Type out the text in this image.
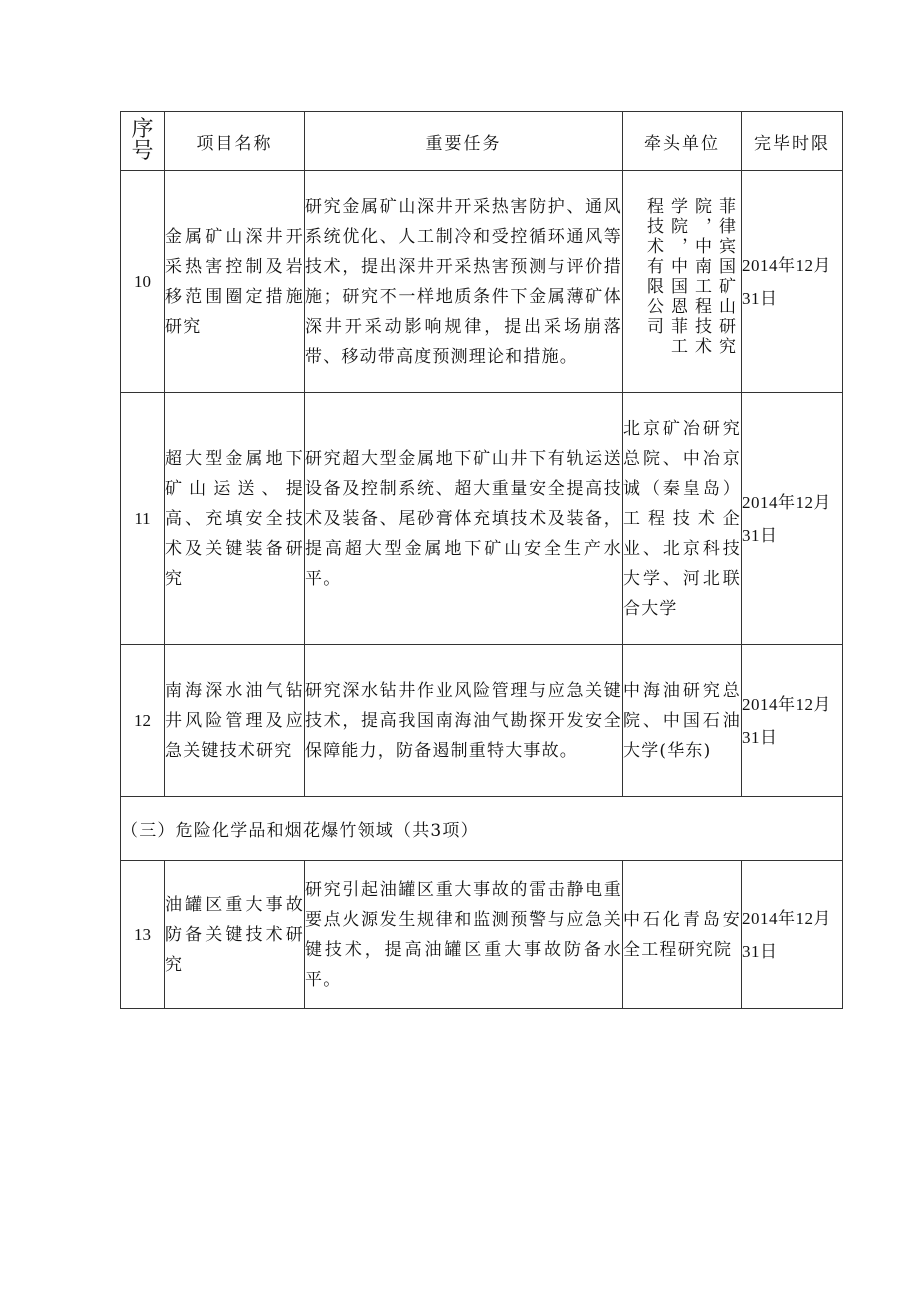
序号	项目名称	重要任务	牵头单位	完毕时限
10	金属矿山深井开采热害控制及岩移范围圈定措施研究	研究金属矿山深井开采热害防护、通风系统优化、人工制冷和受控循环通风等技术，提出深井开采热害预测与评价措施；研究不一样地质条件下金属薄矿体深井开采动影响规律，提出采场崩落带、移动带高度预测理论和措施。	菲律宾国矿山研究院，中南工程技术学院，中国恩菲工程技术有限公司	2014年12月31日
11	超大型金属地下矿山运送、提高、充填安全技术及关键装备研究	研究超大型金属地下矿山井下有轨运送设备及控制系统、超大重量安全提高技术及装备、尾砂膏体充填技术及装备，提高超大型金属地下矿山安全生产水平。	北京矿冶研究总院、中冶京诚（秦皇岛）工程技术企业、北京科技大学、河北联合大学	2014年12月31日
12	南海深水油气钻井风险管理及应急关键技术研究	研究深水钻井作业风险管理与应急关键技术，提高我国南海油气勘探开发安全保障能力，防备遏制重特大事故。	中海油研究总院、中国石油大学(华东)	2014年12月31日
（三）危险化学品和烟花爆竹领域（共3项）				
13	油罐区重大事故防备关键技术研究	研究引起油罐区重大事故的雷击静电重要点火源发生规律和监测预警与应急关键技术，提高油罐区重大事故防备水平。	中石化青岛安全工程研究院	2014年12月31日
